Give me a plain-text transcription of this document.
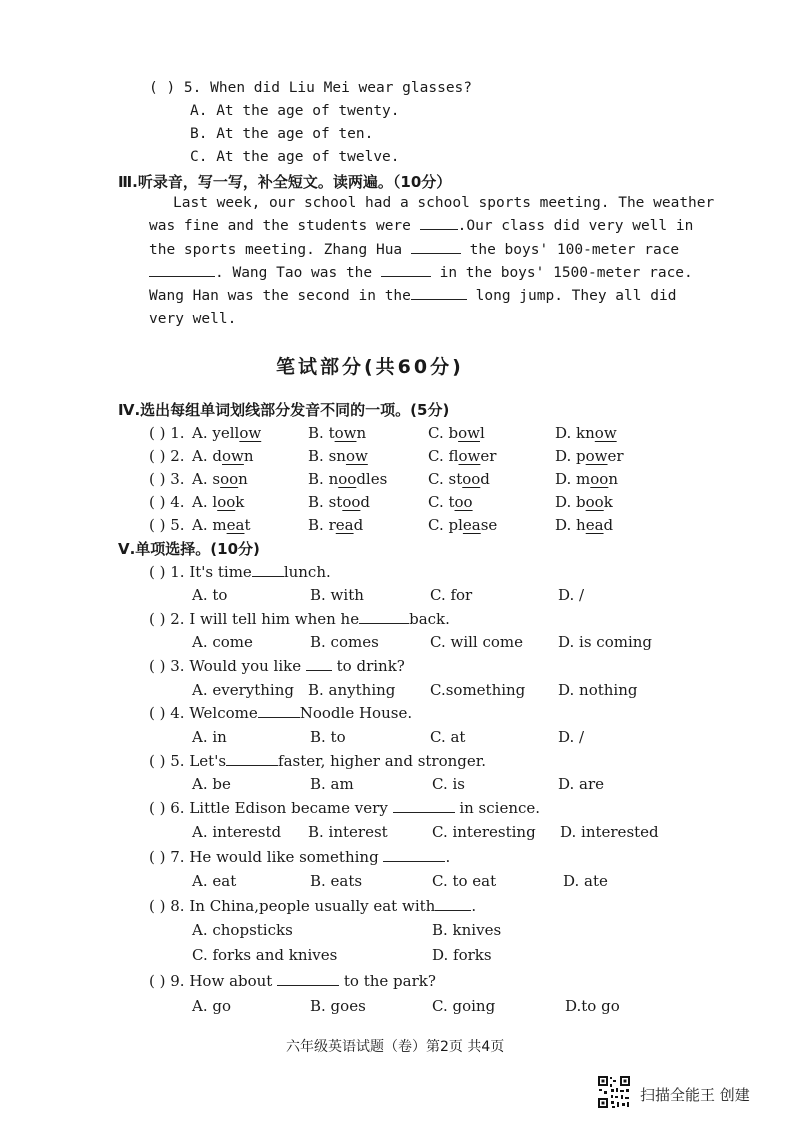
( ) 5. When did Liu Mei wear glasses?
A. At the age of twenty.
B. At the age of ten.
C. At the age of twelve.
Ⅲ.听录音，写一写，补全短文。读两遍。（10分）
Last week, our school had a school sports meeting. The weather
was fine and the students were	.Our class did very well in
the sports meeting. Zhang Hua	the boys' 100-meter race
. Wang Tao was the	in the boys' 1500-meter race.
Wang Han was the second in the	long jump. They all did
very well.
笔试部分(共60分)
Ⅳ.选出每组单词划线部分发音不同的一项。(5分)
( ) 1. A. yellow	B. town	C. bowl	D. know
( ) 2. A. down	B. snow	C. flower	D. power
( ) 3. A. soon	B. noodles	C. stood	D. moon
( ) 4. A. look	B. stood	C. too	D. book
( ) 5. A. meat	B. read	C. please	D. head
Ⅴ.单项选择。(10分)
( ) 1. It's time lunch.
A. to	B. with	C. for	D. /
( ) 2. I will tell him when he	back.
A. come	B. comes	C. will come D. is coming
( ) 3. Would you like  to drink?
A. everything B. anything C.something D. nothing
( ) 4. Welcome	Noodle House.
A. in	B. to	C. at	D. /
( ) 5. Let's	faster, higher and stronger.
A. be	B. am	C. is	D. are
( ) 6. Little Edison became very	in science.
A. interestd B. interest	C. interesting D. interested
( ) 7. He would like something	.
A. eat	B. eats	C. to eat	D. ate
( ) 8. In China,people usually eat with .
A. chopsticks	B. knives
C. forks and knives	D. forks
( ) 9. How about	to the park?
A. go	B. goes	C. going	D.to go
六年级英语试题（卷）第2页 共4页
扫描全能王 创建
